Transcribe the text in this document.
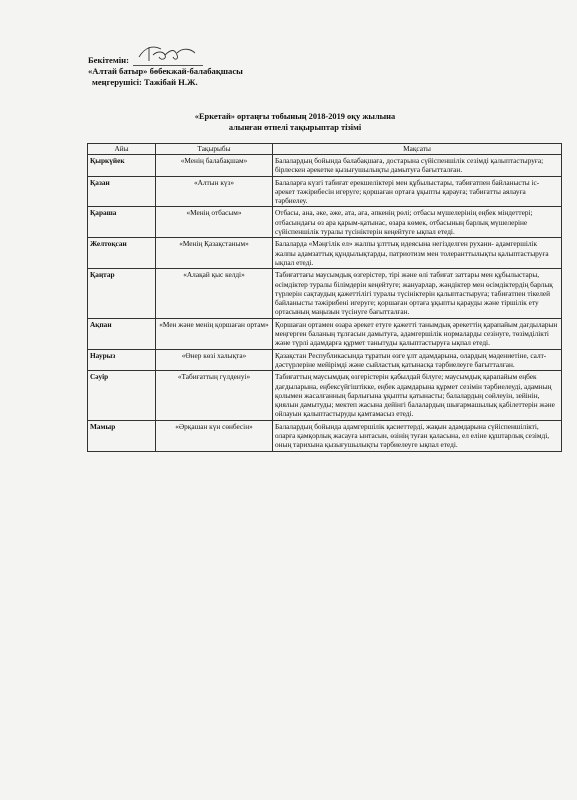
Бекітемін:
«Алтай батыр» бөбекжай-балабақшасы
меңгерушісі: Тажібай Н.Ж.
«Еркетай» ортаңғы тобының 2018-2019 оқу жылына
алынған өтпелі тақырыптар тізімі
Айы	Тақырыбы	Мақсаты
Қыркүйек	«Менің балабақшам»	Балалардың бойында балабақшаға, достарына сүйіспеншілік сезімді қалыптастыруға; бірлескен әрекетке қызығушылықты дамытуға бағытталған.
Қазан	«Алтын күз»	Балаларға күзгі табиғат ерекшеліктері мен құбылыстары, табиғатпен байланысты іс-әрекет тәжірибесін игеруге; қоршаған ортаға ұқыпты қарауға; табиғатты аялауға тәрбиелеу.
Қараша	«Менің отбасым»	Отбасы, ана, әке, әже, ата, аға, әпкенің рөлі; отбасы мүшелерінің еңбек міндеттері; отбасындағы өз ара қарым-қатынас, өзара көмек, отбасының барлық мүшелеріне сүйіспеншілік туралы түсініктерін кеңейтуге ықпал етеді.
Желтоқсан	«Менің Қазақстаным»	Балаларда «Мәңгілік ел» жалпы ұлттық идеясына негізделген рухани- адамгершілік жалпы адамзаттық құндылықтарды, патриотизм мен толеранттылықты қалыптастыруға ықпал етеді.
Қаңтар	«Алақай қыс келді»	Табиғаттағы маусымдық өзгерістер, тірі және өлі табиғат заттары мен құбылыстары, өсімдіктер туралы білімдерін кеңейтуге; жануарлар, жәндіктер мен өсімдіктердің барлық түрлерін сақтаудың қажеттілігі туралы түсініктерін қалыптастыруға; табиғатпен тікелей байланысты тәжірибені игеруге; қоршаған ортаға ұқыпты қарауды және тіршілік ету ортасының маңызын түсінуге бағытталған.
Ақпан	«Мен және менің қоршаған ортам»	Қоршаған ортамен өзара әрекет етуге қажетті танымдық әрекеттің қарапайым дағдыларын меңгерген баланың тұлғасын дамытуға, адамгершілік нормаларды сезінуге, төзімділікті және түрлі адамдарға құрмет танытуды қалыптастыруға ықпал етеді.
Наурыз	«Өнер көзі халықта»	Қазақстан Республикасында тұратын өзге ұлт адамдарына, олардың мәдениетіне, салт-дәстүрлеріне мейірімді және сыйластық қатынасқа тәрбиелеуге бағытталған.
Сәуір	«Табиғаттың гүлденуі»	Табиғаттың маусымдық өзгерістерін қабылдай білуге; маусымдық қарапайым еңбек дағдыларына, еңбексүйгіштікке, еңбек адамдарына құрмет сезімін тәрбиелеуді, адамның қолымен жасалғанның барлығына ұқыпты қатынасты; балалардың сөйлеуін, зейінін, қиялын дамытуды; мектеп жасына дейінгі балалардың шығармашылық қабілеттерін және ойлауын қалыптастыруды қамтамасыз етеді.
Мамыр	«Әрқашан күн сөнбесін»	Балалардың бойында адамгершілік қасиеттерді, жақын адамдарына сүйіспеншілікті, оларға қамқорлық жасауға ынтасын, өзінің туған қаласына, ел еліне құштарлық сезімді, оның тарихына қызығушылықты тәрбиелеуге ықпал етеді.
